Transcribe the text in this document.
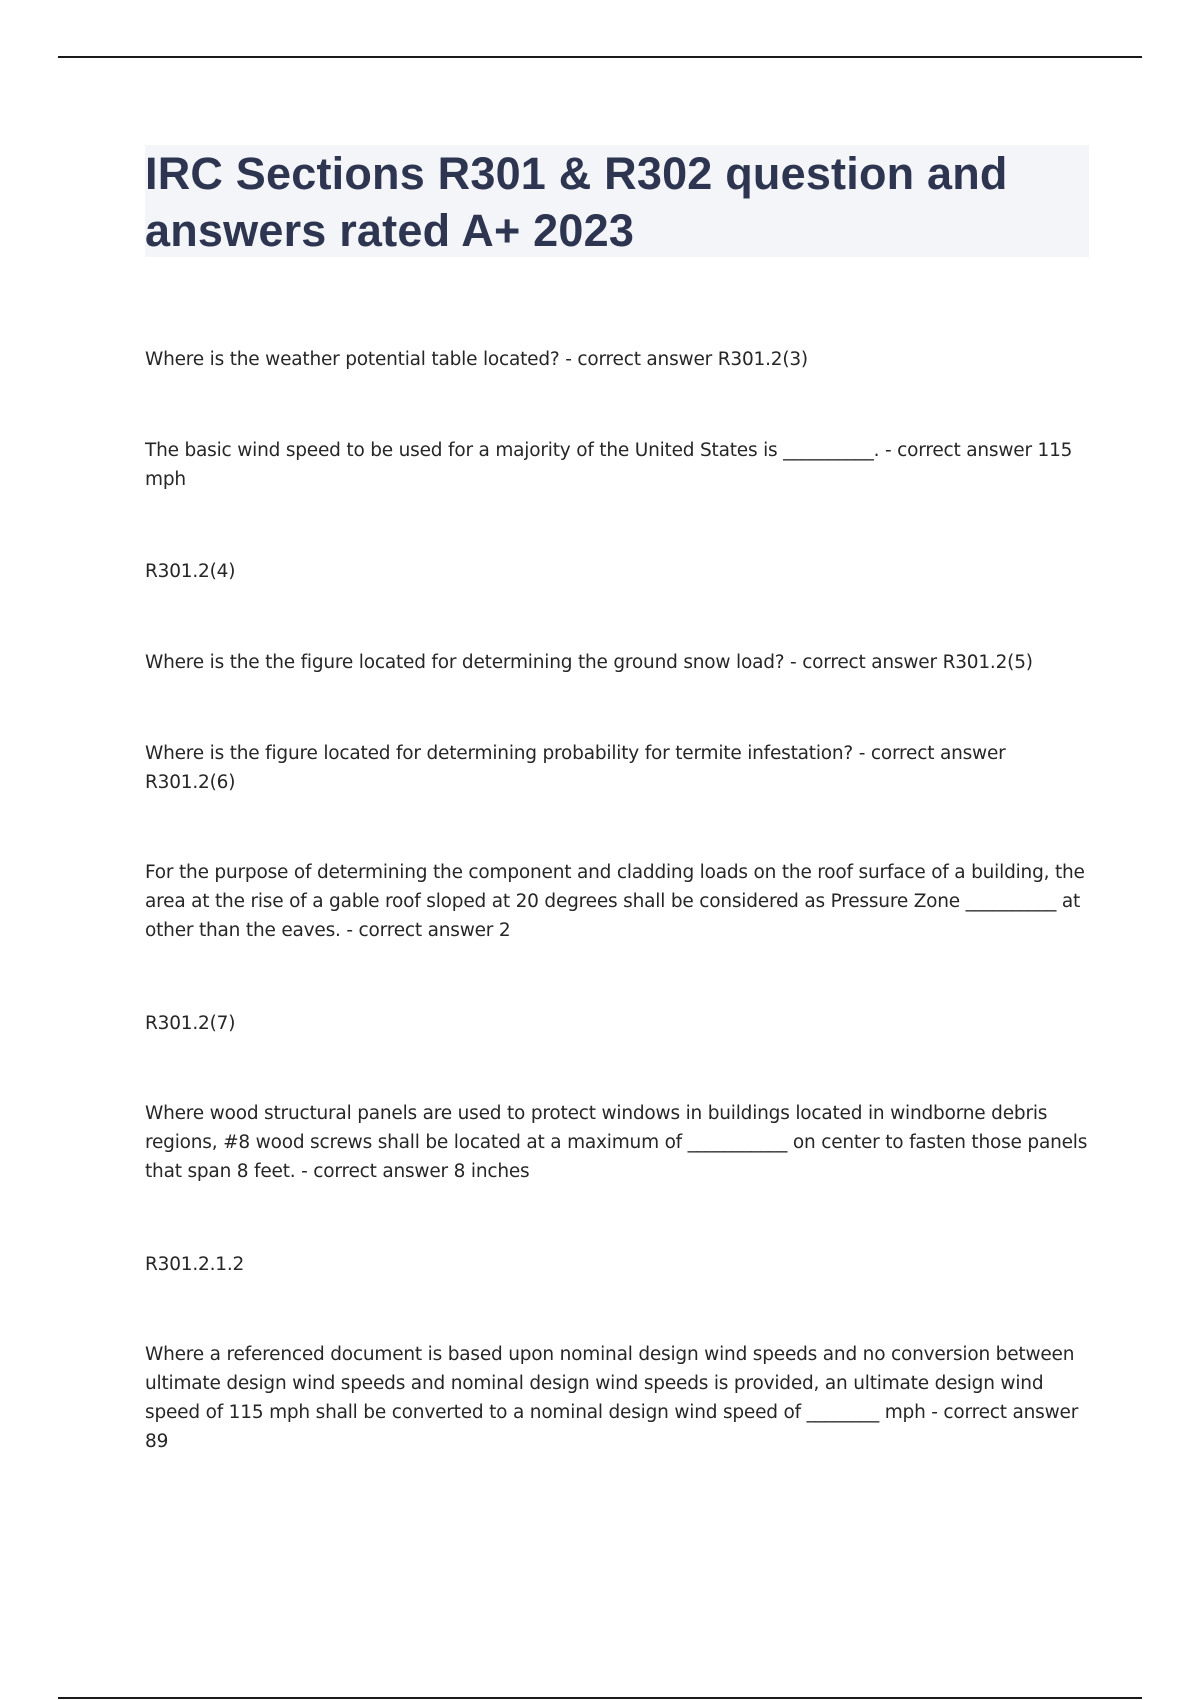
IRC Sections R301 & R302 question and answers rated A+ 2023

Where is the weather potential table located? - correct answer R301.2(3)

The basic wind speed to be used for a majority of the United States is __________. - correct answer 115 mph

R301.2(4)

Where is the the figure located for determining the ground snow load? - correct answer R301.2(5)

Where is the figure located for determining probability for termite infestation? - correct answer R301.2(6)

For the purpose of determining the component and cladding loads on the roof surface of a building, the area at the rise of a gable roof sloped at 20 degrees shall be considered as Pressure Zone __________ at other than the eaves. - correct answer 2

R301.2(7)

Where wood structural panels are used to protect windows in buildings located in windborne debris regions, #8 wood screws shall be located at a maximum of ___________ on center to fasten those panels that span 8 feet. - correct answer 8 inches

R301.2.1.2

Where a referenced document is based upon nominal design wind speeds and no conversion between ultimate design wind speeds and nominal design wind speeds is provided, an ultimate design wind speed of 115 mph shall be converted to a nominal design wind speed of ________ mph - correct answer 89
